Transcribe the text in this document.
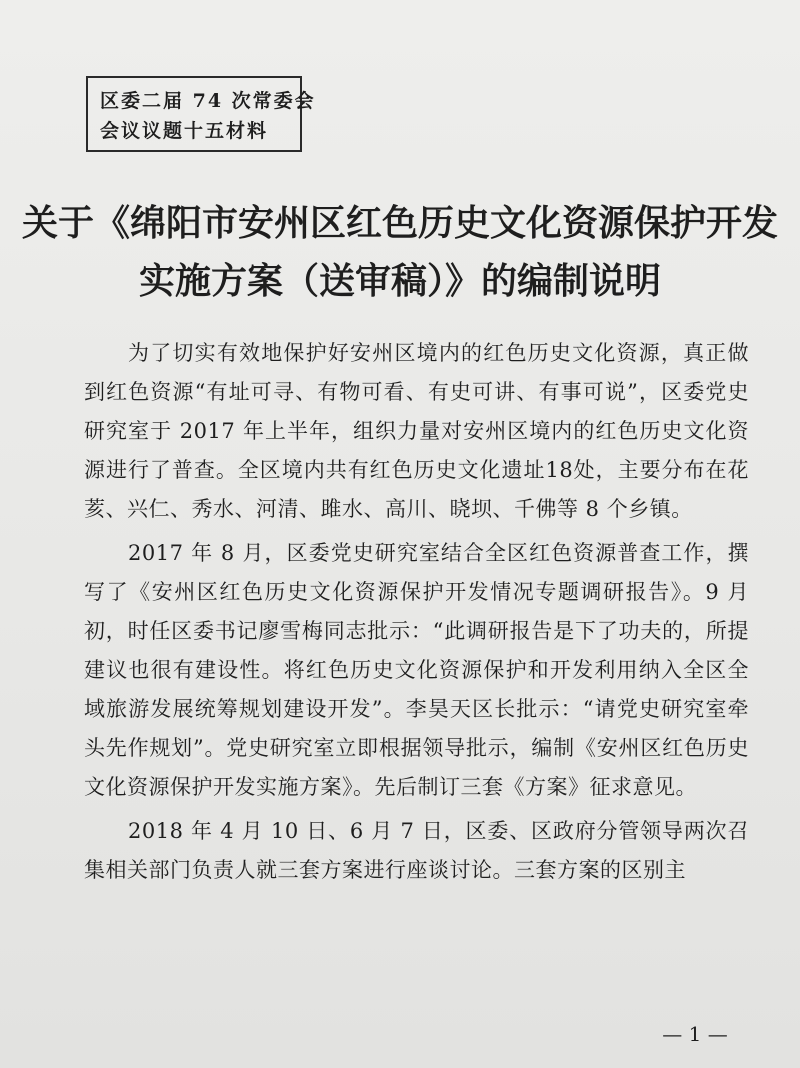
区委二届 74 次常委会
会议议题十五材料
关于《绵阳市安州区红色历史文化资源保护开发
实施方案（送审稿）》的编制说明

为了切实有效地保护好安州区境内的红色历史文化资源，真正做到红色资源“有址可寻、有物可看、有史可讲、有事可说”，区委党史研究室于 2017 年上半年，组织力量对安州区境内的红色历史文化资源进行了普查。全区境内共有红色历史文化遗址18处，主要分布在花荄、兴仁、秀水、河清、雎水、高川、晓坝、千佛等 8 个乡镇。

2017 年 8 月，区委党史研究室结合全区红色资源普查工作，撰写了《安州区红色历史文化资源保护开发情况专题调研报告》。9 月初，时任区委书记廖雪梅同志批示：“此调研报告是下了功夫的，所提建议也很有建设性。将红色历史文化资源保护和开发利用纳入全区全域旅游发展统筹规划建设开发”。李昊天区长批示：“请党史研究室牵头先作规划”。党史研究室立即根据领导批示，编制《安州区红色历史文化资源保护开发实施方案》。先后制订三套《方案》征求意见。

2018 年 4 月 10 日、6 月 7 日，区委、区政府分管领导两次召集相关部门负责人就三套方案进行座谈讨论。三套方案的区别主

— 1 —
